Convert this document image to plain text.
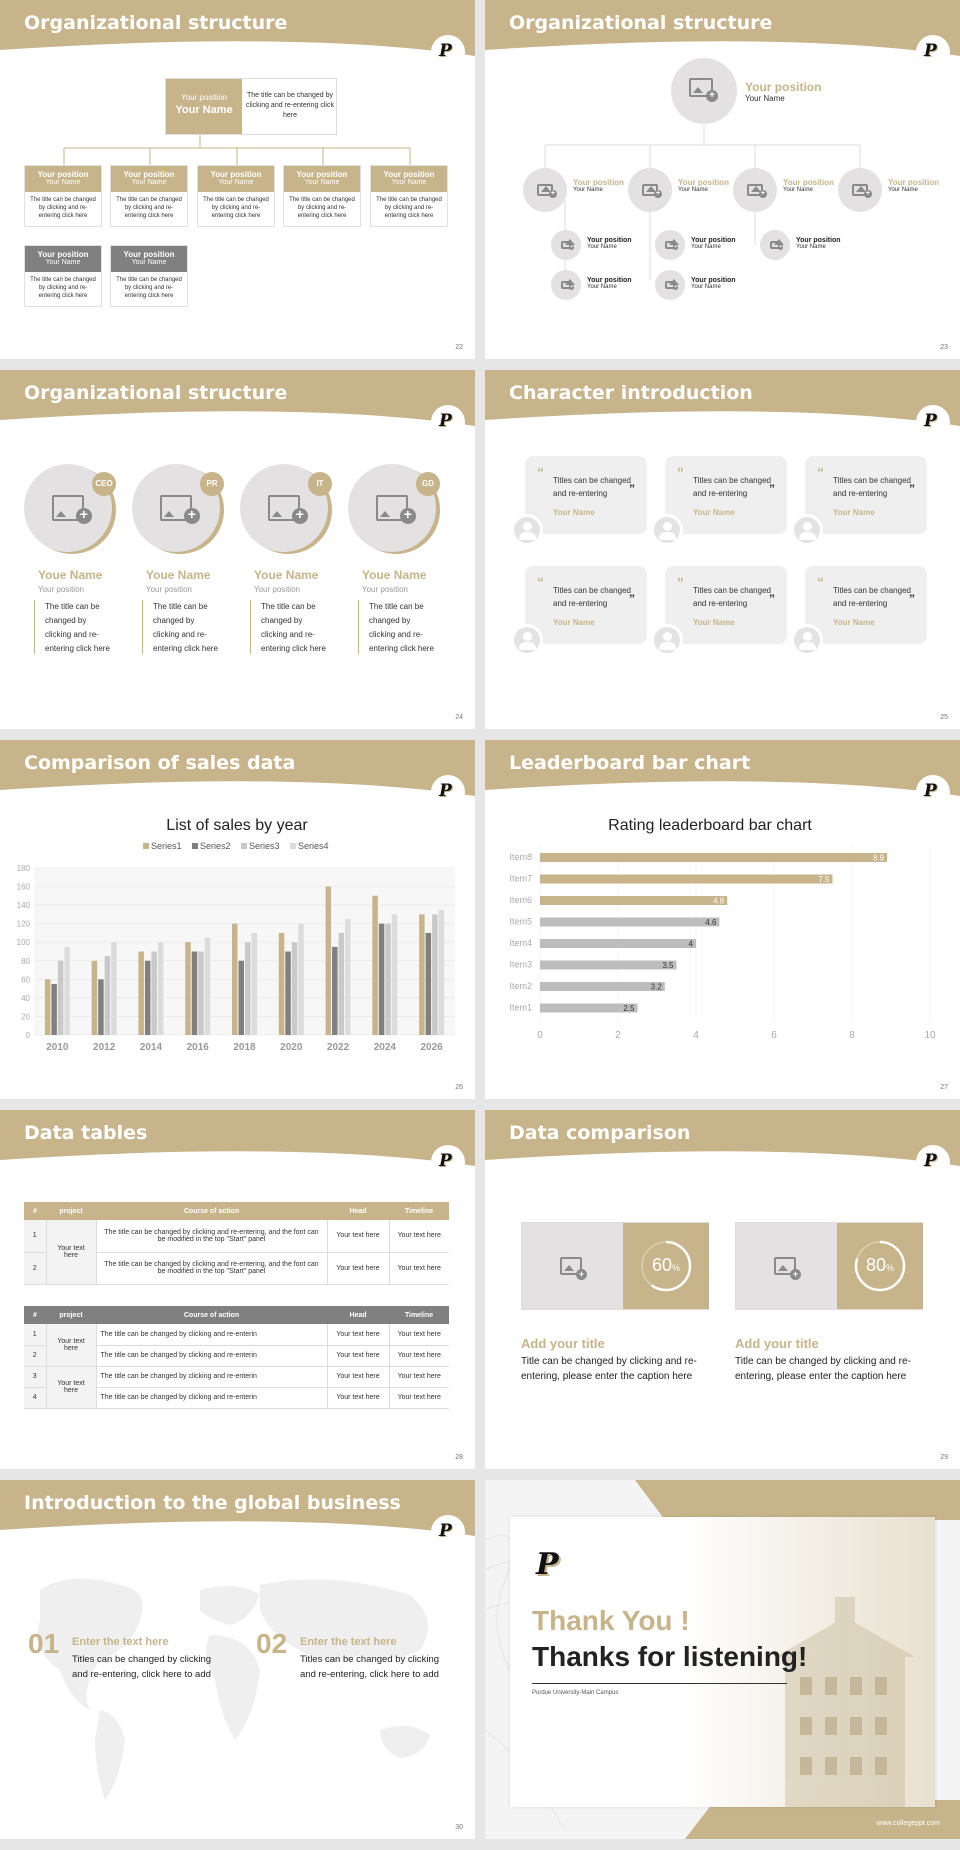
Organizational structure
P
Your position
Your Name
The title can be changed by clicking and re-entering click here
Your position
Your Name
The title can be changed by clicking and re-entering click here
Your position
Your Name
The title can be changed by clicking and re-entering click here
Your position
Your Name
The title can be changed by clicking and re-entering click here
Your position
Your Name
The title can be changed by clicking and re-entering click here
Your position
Your Name
The title can be changed by clicking and re-entering click here
Your position
Your Name
The title can be changed by clicking and re-entering click here
Your position
Your Name
The title can be changed by clicking and re-entering click here
22
Organizational structure
P
+
Your position
Your Name
+
Your position
Your Name	+
Your position
Your Name	+
Your position
Your Name	+
Your position
Your Name
+
Your position
Your Name
+
Your position
Your Name
+
Your position
Your Name
+
Your position
Your Name
+
Your position
Your Name
23
Organizational structure
P
+
CEO
Youe Name
Your position
The title can be changed by clicking and re-entering click here
+
PR
Youe Name
Your position
The title can be changed by clicking and re-entering click here
+
IT
Youe Name
Your position
The title can be changed by clicking and re-entering click here
+
GD
Youe Name
Your position
The title can be changed by clicking and re-entering click here
24
Character introduction
P
“
Titles can be changed and re-entering	”
Your Name
“
Titles can be changed and re-entering	”
Your Name
“
Titles can be changed and re-entering	”
Your Name
“
Titles can be changed and re-entering	”
Your Name
“
Titles can be changed and re-entering	”
Your Name
“
Titles can be changed and re-entering	”
Your Name
25
Comparison of sales data
P
List of sales by year
Series1 Series2 Series3 Series4
0
20
40
60
80
100
120
140
160
180
2010 2012 2014 2016 2018 2020 2022 2024 2026
26
Leaderboard bar chart
P
Rating leaderboard bar chart
0	2	4	6	8	10
Item8	8.9
Item7	7.5
Item6	4.8
Item5	4.6
Item4	4
Item3	3.5
Item2	3.2
Item1	2.5
27
Data tables
P
#	project	Course of action	Head	Timeline
1	Your text here	The title can be changed by clicking and re-entering, and the font can be modified in the top "Start" panel	Your text here	Your text here
2		The title can be changed by clicking and re-entering, and the font can be modified in the top "Start" panel	Your text here	Your text here
#	project	Course of action	Head	Timeline
1	Your text here	The title can be changed by clicking and re-enterin	Your text here	Your text here
2		The title can be changed by clicking and re-enterin	Your text here	Your text here
3	Your text here	The title can be changed by clicking and re-enterin	Your text here	Your text here
4		The title can be changed by clicking and re-enterin	Your text here	Your text here
28
Data comparison
P
+	60%
Add your title
Title can be changed by clicking and re-entering, please enter the caption here
+	80%
Add your title
Title can be changed by clicking and re-entering, please enter the caption here
29
Introduction to the global business
P
01 Enter the text here
Titles can be changed by clicking and re-entering, click here to add
02 Enter the text here
Titles can be changed by clicking and re-entering, click here to add
30
P
Thank You !
Thanks for listening!
Purdue University-Main Campus
www.collegeppt.com
